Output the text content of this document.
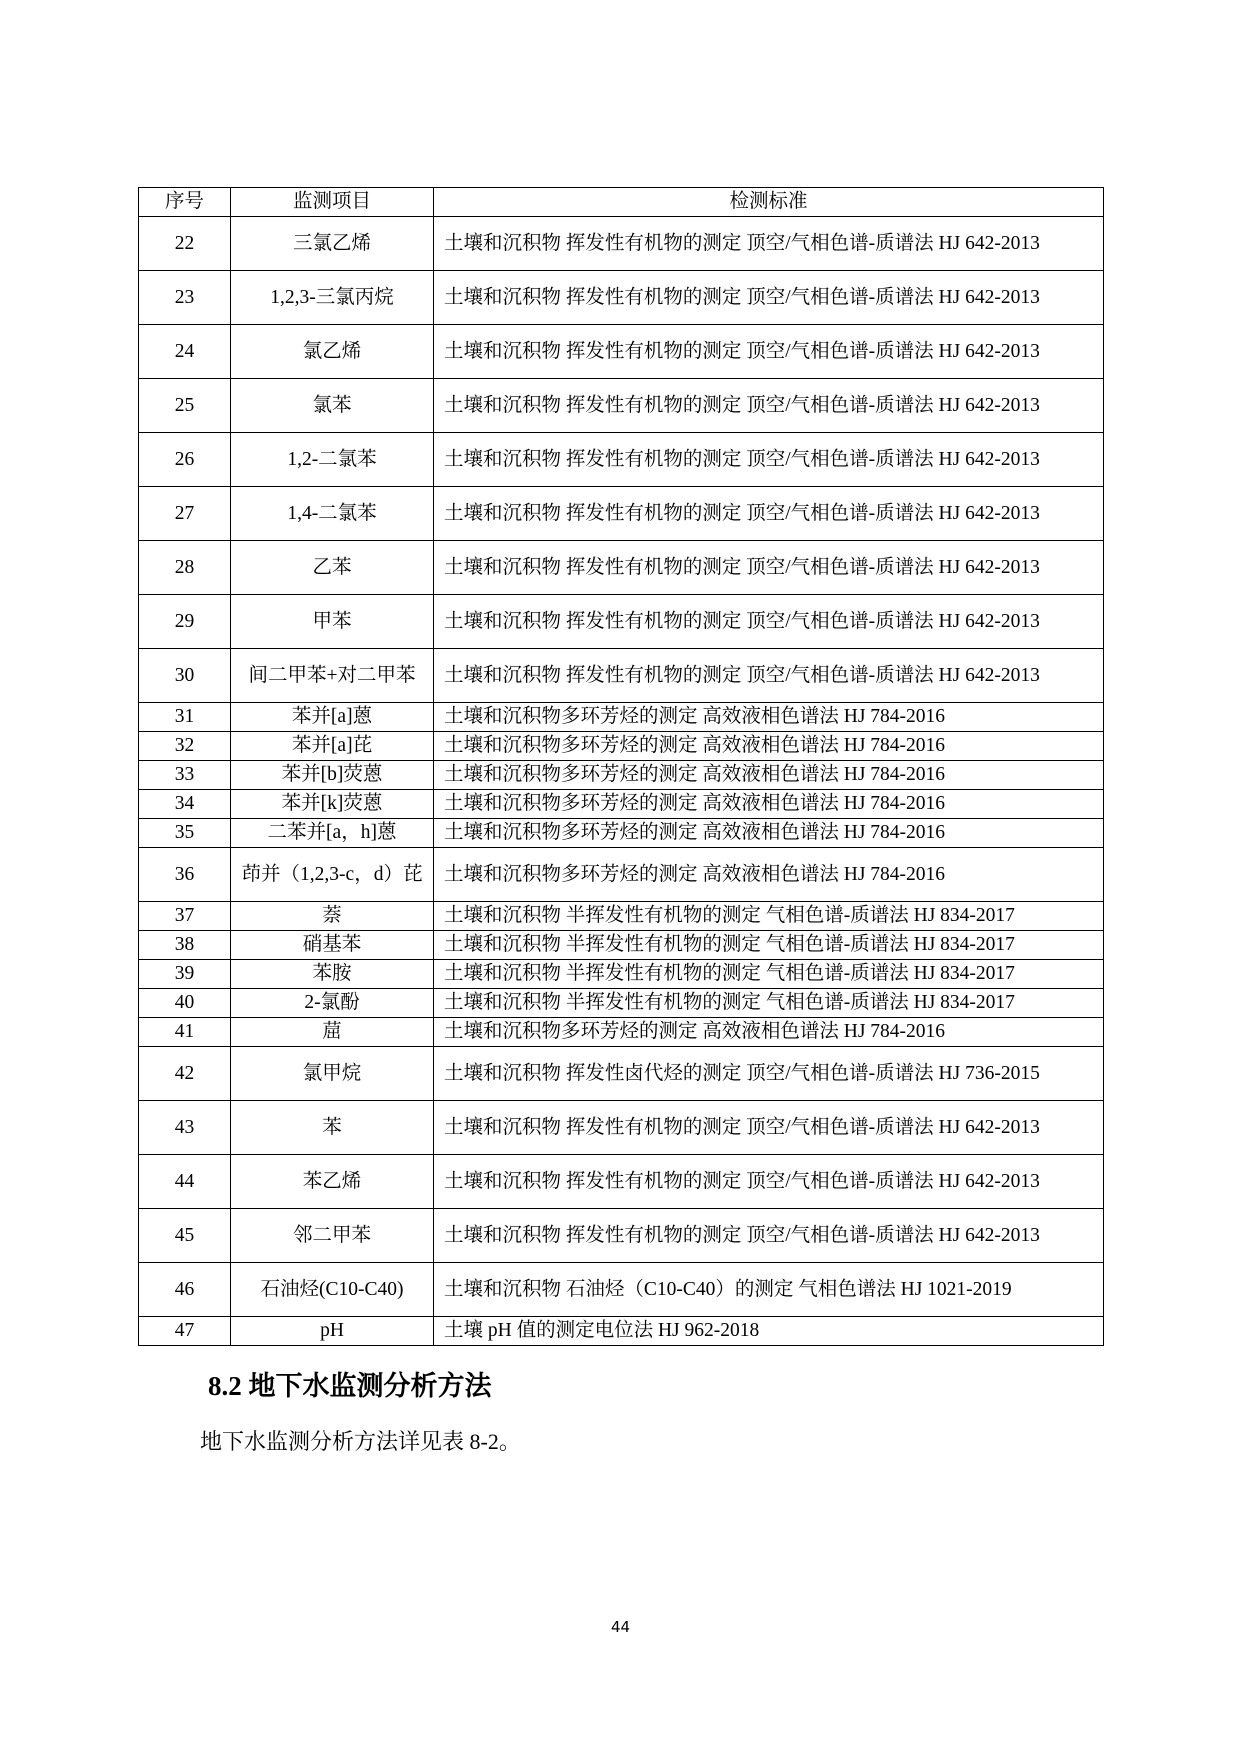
序号	监测项目	检测标准
22	三氯乙烯	土壤和沉积物 挥发性有机物的测定 顶空/气相色谱-质谱法 HJ 642-2013
23	1,2,3-三氯丙烷	土壤和沉积物 挥发性有机物的测定 顶空/气相色谱-质谱法 HJ 642-2013
24	氯乙烯	土壤和沉积物 挥发性有机物的测定 顶空/气相色谱-质谱法 HJ 642-2013
25	氯苯	土壤和沉积物 挥发性有机物的测定 顶空/气相色谱-质谱法 HJ 642-2013
26	1,2-二氯苯	土壤和沉积物 挥发性有机物的测定 顶空/气相色谱-质谱法 HJ 642-2013
27	1,4-二氯苯	土壤和沉积物 挥发性有机物的测定 顶空/气相色谱-质谱法 HJ 642-2013
28	乙苯	土壤和沉积物 挥发性有机物的测定 顶空/气相色谱-质谱法 HJ 642-2013
29	甲苯	土壤和沉积物 挥发性有机物的测定 顶空/气相色谱-质谱法 HJ 642-2013
30	间二甲苯+对二甲苯	土壤和沉积物 挥发性有机物的测定 顶空/气相色谱-质谱法 HJ 642-2013
31	苯并[a]蒽	土壤和沉积物多环芳烃的测定 高效液相色谱法 HJ 784-2016
32	苯并[a]芘	土壤和沉积物多环芳烃的测定 高效液相色谱法 HJ 784-2016
33	苯并[b]荧蒽	土壤和沉积物多环芳烃的测定 高效液相色谱法 HJ 784-2016
34	苯并[k]荧蒽	土壤和沉积物多环芳烃的测定 高效液相色谱法 HJ 784-2016
35	二苯并[a，h]蒽	土壤和沉积物多环芳烃的测定 高效液相色谱法 HJ 784-2016
36	茚并（1,2,3-c，d）芘	土壤和沉积物多环芳烃的测定 高效液相色谱法 HJ 784-2016
37	萘	土壤和沉积物 半挥发性有机物的测定 气相色谱-质谱法 HJ 834-2017
38	硝基苯	土壤和沉积物 半挥发性有机物的测定 气相色谱-质谱法 HJ 834-2017
39	苯胺	土壤和沉积物 半挥发性有机物的测定 气相色谱-质谱法 HJ 834-2017
40	2-氯酚	土壤和沉积物 半挥发性有机物的测定 气相色谱-质谱法 HJ 834-2017
41	䓛	土壤和沉积物多环芳烃的测定 高效液相色谱法 HJ 784-2016
42	氯甲烷	土壤和沉积物 挥发性卤代烃的测定 顶空/气相色谱-质谱法 HJ 736-2015
43	苯	土壤和沉积物 挥发性有机物的测定 顶空/气相色谱-质谱法 HJ 642-2013
44	苯乙烯	土壤和沉积物 挥发性有机物的测定 顶空/气相色谱-质谱法 HJ 642-2013
45	邻二甲苯	土壤和沉积物 挥发性有机物的测定 顶空/气相色谱-质谱法 HJ 642-2013
46	石油烃(C10-C40)	土壤和沉积物 石油烃（C10-C40）的测定 气相色谱法 HJ 1021-2019
47	pH	土壤 pH 值的测定电位法 HJ 962-2018
8.2 地下水监测分析方法
地下水监测分析方法详见表 8-2。
44
